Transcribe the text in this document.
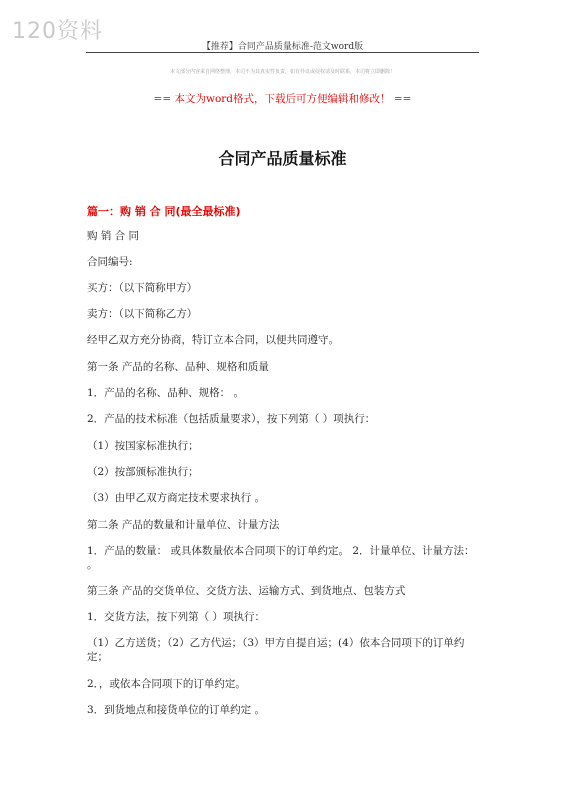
120资料
【推荐】合同产品质量标准-范文word版
本文部分内容来自网络整理，本司不为其真实性负责，如有异议或侵权请及时联系，本司将立即删除！
== 本文为word格式，下载后可方便编辑和修改！ ==
合同产品质量标准
篇一：购 销 合 同(最全最标准)

购 销 合 同

合同编号:

买方：（以下简称甲方）

卖方：（以下简称乙方）

经甲乙双方充分协商，特订立本合同，以便共同遵守。

第一条 产品的名称、品种、规格和质量

1．产品的名称、品种、规格： 。

2．产品的技术标准（包括质量要求），按下列第（ ）项执行：

（1）按国家标准执行；

（2）按部颁标准执行；

（3）由甲乙双方商定技术要求执行 。

第二条 产品的数量和计量单位、计量方法

1．产品的数量： 或具体数量依本合同项下的订单约定。 2．计量单位、计量方法： 。

第三条 产品的交货单位、交货方法、运输方式、到货地点、包装方式

1．交货方法，按下列第（ ）项执行：

（1）乙方送货；（2）乙方代运；（3）甲方自提自运；(4）依本合同项下的订单约定；

2．，或依本合同项下的订单约定。

3．到货地点和接货单位的订单约定 。
